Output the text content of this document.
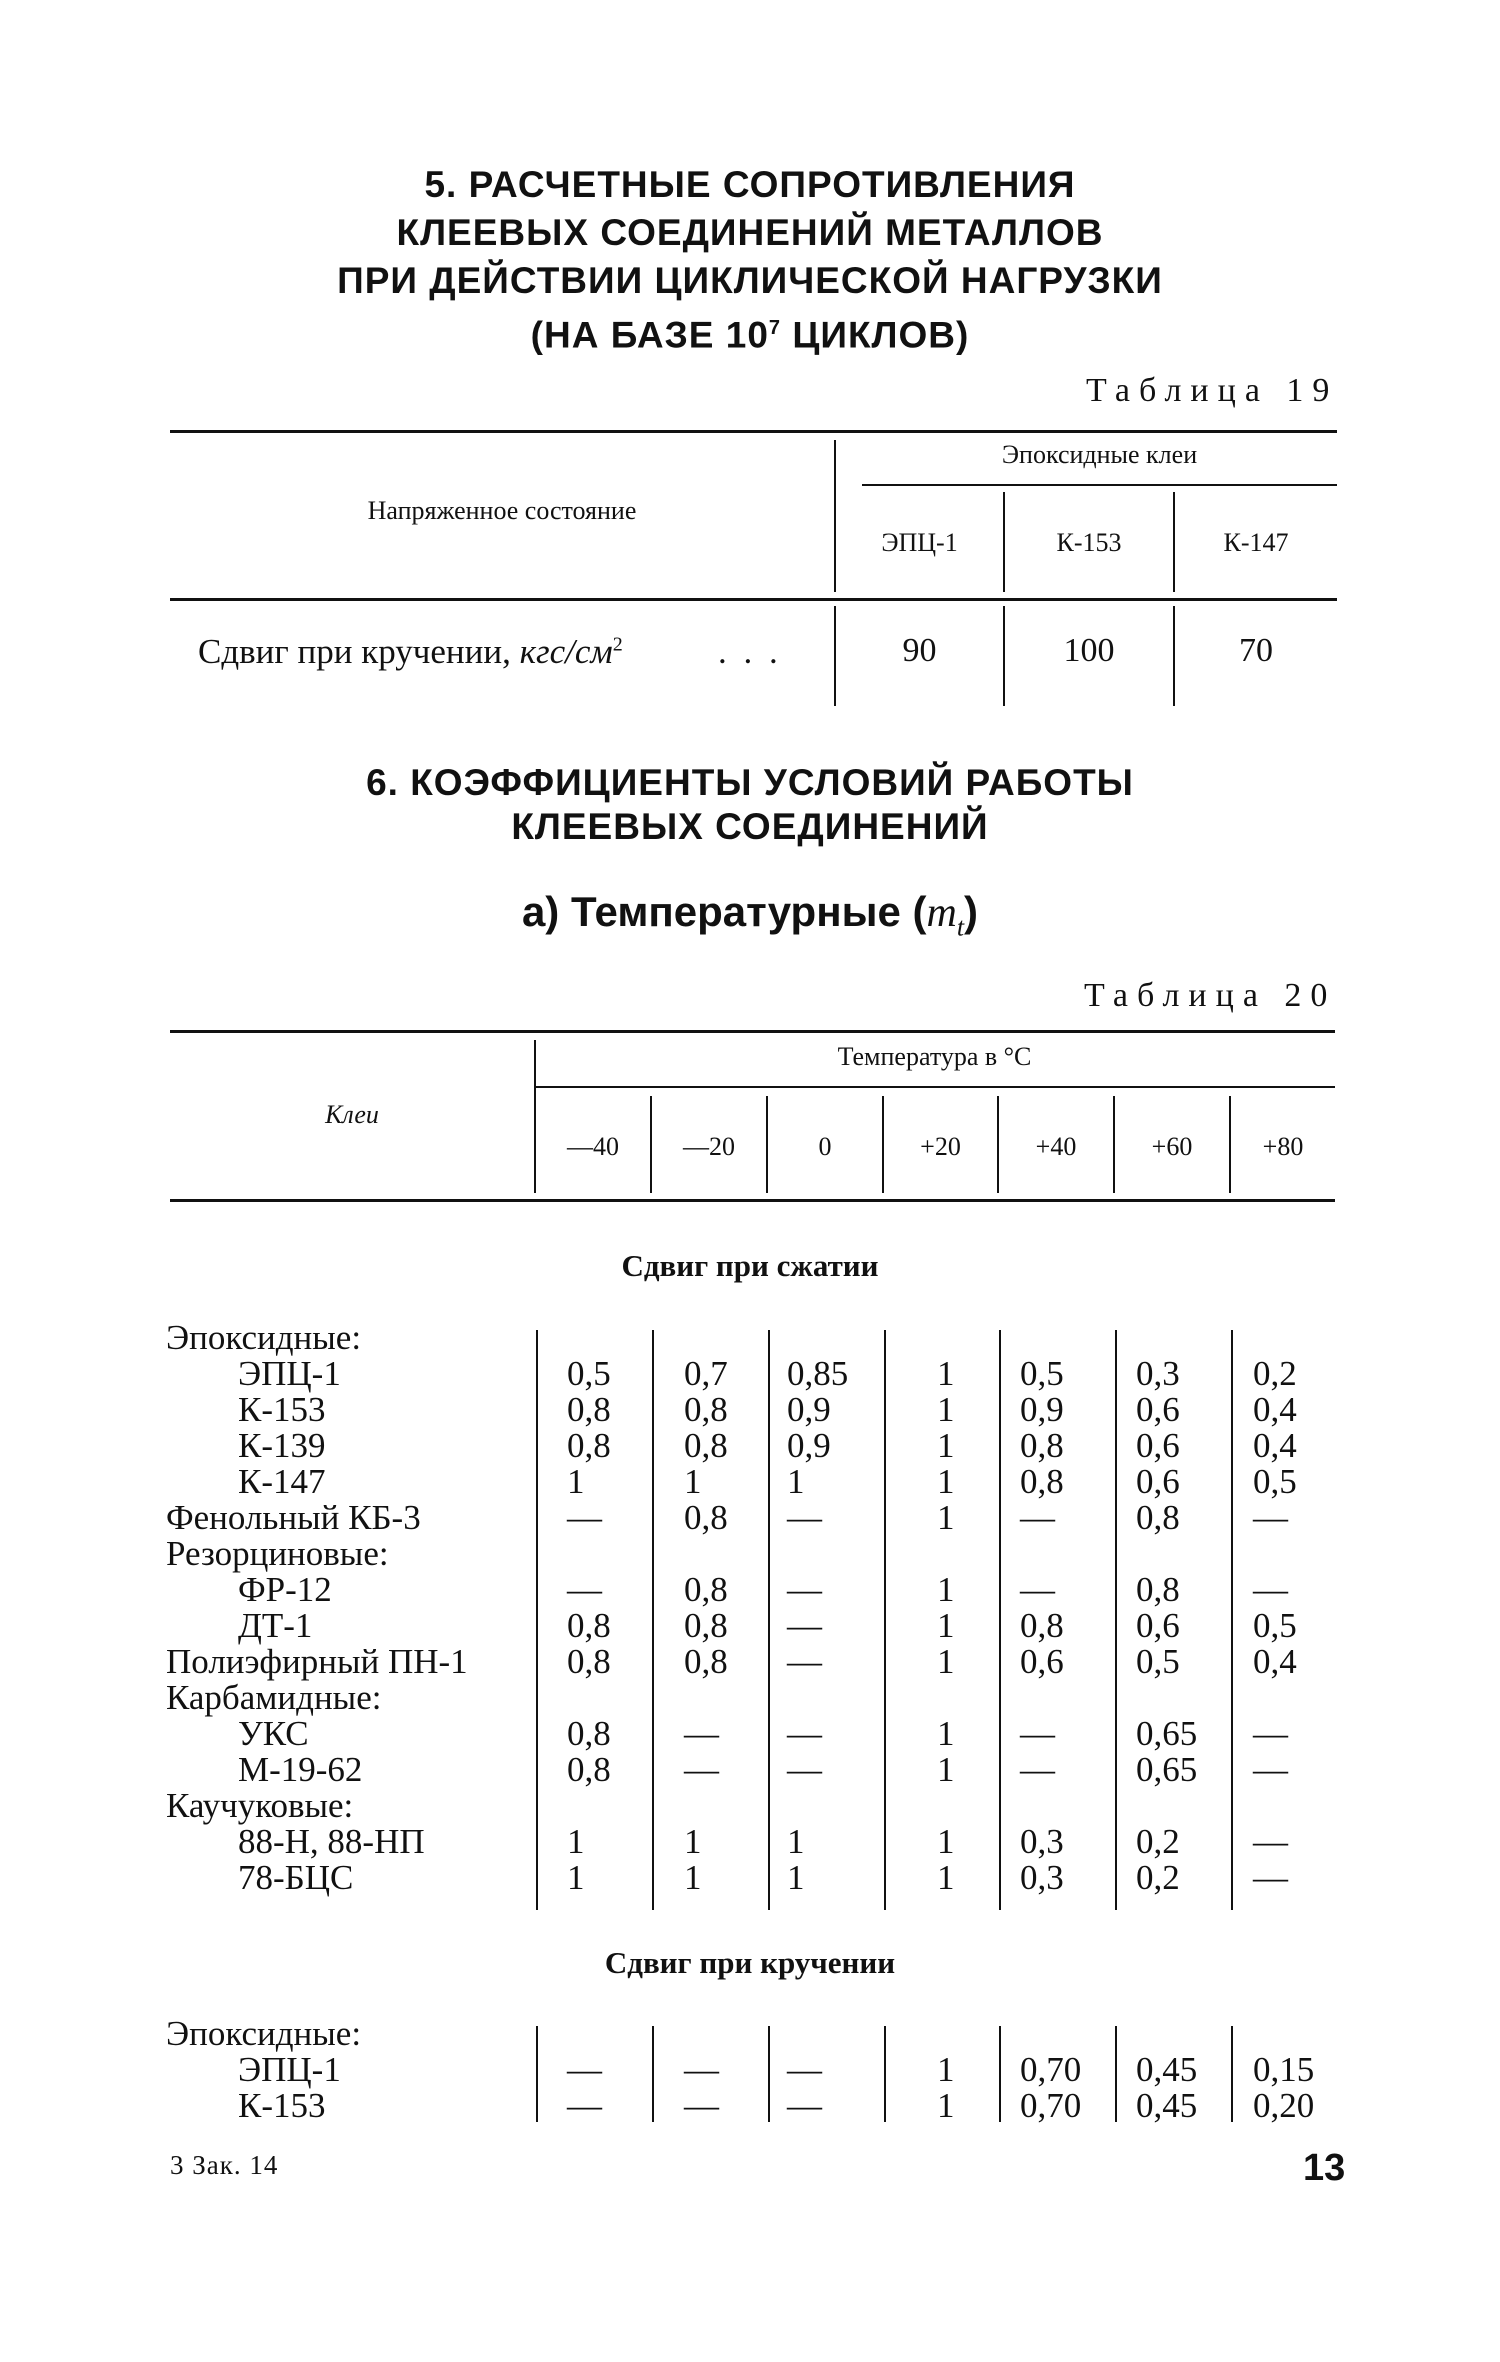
5. РАСЧЕТНЫЕ СОПРОТИВЛЕНИЯ
КЛЕЕВЫХ СОЕДИНЕНИЙ МЕТАЛЛОВ
ПРИ ДЕЙСТВИИ ЦИКЛИЧЕСКОЙ НАГРУЗКИ
(НА БАЗЕ $10^7$ ЦИКЛОВ)
Таблица 19
Напряженное состояние
Эпоксидные клеи
ЭПЦ-1	К-153	К-147
Сдвиг при кручении, кгс/$см^2$	. . .	90	100	70
6. КОЭФФИЦИЕНТЫ УСЛОВИЙ РАБОТЫ
КЛЕЕВЫХ СОЕДИНЕНИЙ
а) Температурные $(m_t)$
Таблица 20
Клеи
Температура в °С
—40	—20	0	+20	+40	+60	+80
Сдвиг при сжатии
Эпоксидные:
ЭПЦ-1	0,5 0,7 0,85	1 0,5 0,3 0,2
К-153	0,8 0,8 0,9	1 0,9 0,6 0,4
К-139	0,8 0,8 0,9	1 0,8 0,6 0,4
К-147	1	1 1	1 0,8 0,6 0,5
Фенольный КБ-3	— 0,8 —	1 — 0,8 —
Резорциновые:
ФР-12	— 0,8 —	1 — 0,8 —
ДТ-1	0,8 0,8 —	1 0,8 0,6 0,5
Полиэфирный ПН-1	0,8 0,8 —	1 0,6 0,5 0,4
Карбамидные:
УКС	0,8 — —	1 — 0,65 —
М-19-62	0,8 — —	1 — 0,65 —
Каучуковые:
88-Н, 88-НП	1	1 1	1 0,3 0,2 —
78-БЦС	1	1 1	1 0,3 0,2 —
Сдвиг при кручении
Эпоксидные:
ЭПЦ-1	— — —	1 0,70 0,45 0,15
К-153	— — —	1 0,70 0,45 0,20
3 Зак. 14	13
